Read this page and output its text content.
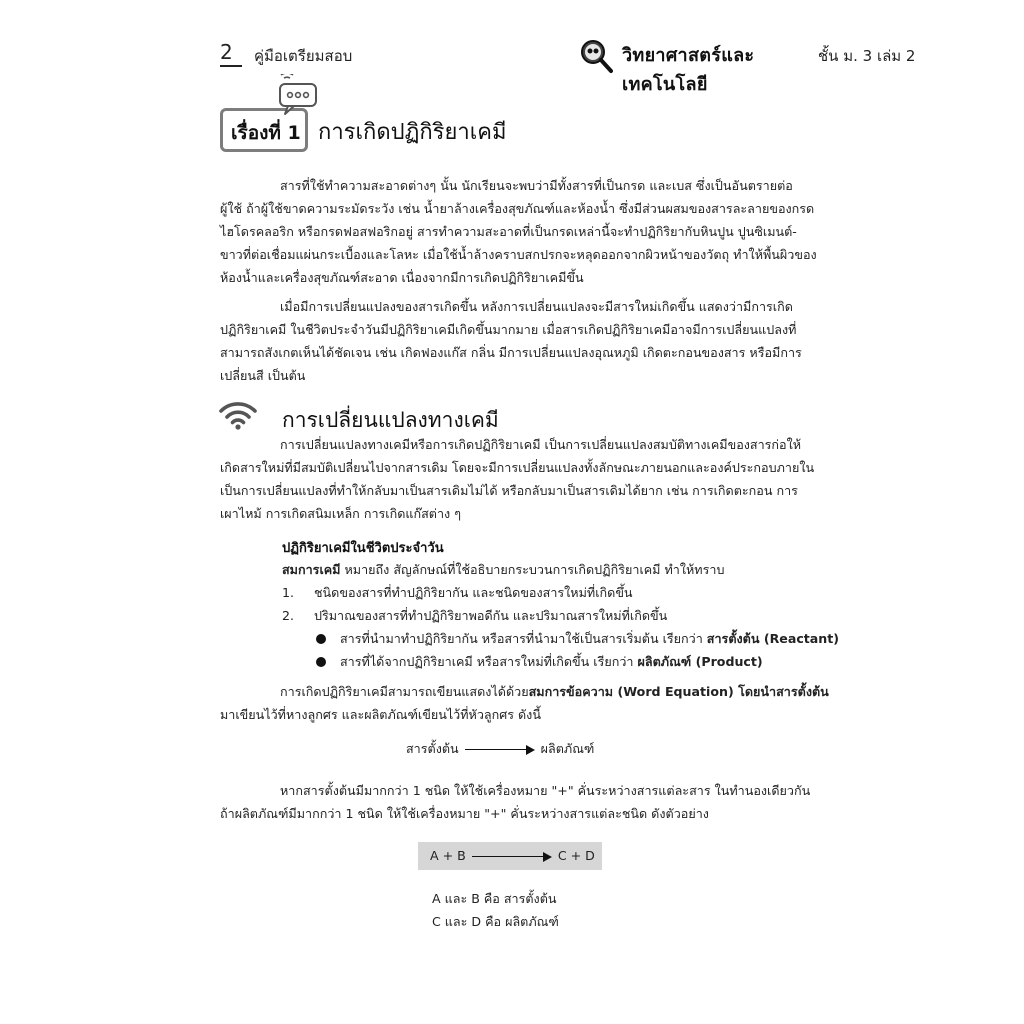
2 คู่มือเตรียมสอบ	วิทยาศาสตร์และเทคโนโลยี
ชั้น ม. 3 เล่ม 2
เรื่องที่ 1 การเกิดปฏิกิริยาเคมี
สารที่ใช้ทำความสะอาดต่างๆ นั้น นักเรียนจะพบว่ามีทั้งสารที่เป็นกรด และเบส ซึ่งเป็นอันตรายต่อ
ผู้ใช้ ถ้าผู้ใช้ขาดความระมัดระวัง เช่น น้ำยาล้างเครื่องสุขภัณฑ์และห้องน้ำ ซึ่งมีส่วนผสมของสารละลายของกรด
ไฮโดรคลอริก หรือกรดฟอสฟอริกอยู่ สารทำความสะอาดที่เป็นกรดเหล่านี้จะทำปฏิกิริยากับหินปูน ปูนซิเมนต์-
ขาวที่ต่อเชื่อมแผ่นกระเบื้องและโลหะ เมื่อใช้น้ำล้างคราบสกปรกจะหลุดออกจากผิวหน้าของวัตถุ ทำให้พื้นผิวของ
ห้องน้ำและเครื่องสุขภัณฑ์สะอาด เนื่องจากมีการเกิดปฏิกิริยาเคมีขึ้น
เมื่อมีการเปลี่ยนแปลงของสารเกิดขึ้น หลังการเปลี่ยนแปลงจะมีสารใหม่เกิดขึ้น แสดงว่ามีการเกิด
ปฏิกิริยาเคมี ในชีวิตประจำวันมีปฏิกิริยาเคมีเกิดขึ้นมากมาย เมื่อสารเกิดปฏิกิริยาเคมีอาจมีการเปลี่ยนแปลงที่
สามารถสังเกตเห็นได้ชัดเจน เช่น เกิดฟองแก๊ส กลิ่น มีการเปลี่ยนแปลงอุณหภูมิ เกิดตะกอนของสาร หรือมีการ
เปลี่ยนสี เป็นต้น
การเปลี่ยนแปลงทางเคมี
การเปลี่ยนแปลงทางเคมีหรือการเกิดปฏิกิริยาเคมี เป็นการเปลี่ยนแปลงสมบัติทางเคมีของสารก่อให้
เกิดสารใหม่ที่มีสมบัติเปลี่ยนไปจากสารเดิม โดยจะมีการเปลี่ยนแปลงทั้งลักษณะภายนอกและองค์ประกอบภายใน
เป็นการเปลี่ยนแปลงที่ทำให้กลับมาเป็นสารเดิมไม่ได้ หรือกลับมาเป็นสารเดิมได้ยาก เช่น การเกิดตะกอน การ
เผาไหม้ การเกิดสนิมเหล็ก การเกิดแก๊สต่าง ๆ
ปฏิกิริยาเคมีในชีวิตประจำวัน
สมการเคมี หมายถึง สัญลักษณ์ที่ใช้อธิบายกระบวนการเกิดปฏิกิริยาเคมี ทำให้ทราบ
1. ชนิดของสารที่ทำปฏิกิริยากัน และชนิดของสารใหม่ที่เกิดขึ้น
2. ปริมาณของสารที่ทำปฏิกิริยาพอดีกัน และปริมาณสารใหม่ที่เกิดขึ้น
สารที่นำมาทำปฏิกิริยากัน หรือสารที่นำมาใช้เป็นสารเริ่มต้น เรียกว่า สารตั้งต้น (Reactant)
สารที่ได้จากปฏิกิริยาเคมี หรือสารใหม่ที่เกิดขึ้น เรียกว่า ผลิตภัณฑ์ (Product)
การเกิดปฏิกิริยาเคมีสามารถเขียนแสดงได้ด้วยสมการข้อความ (Word Equation) โดยนำสารตั้งต้น
มาเขียนไว้ที่หางลูกศร และผลิตภัณฑ์เขียนไว้ที่หัวลูกศร ดังนี้
สารตั้งต้น	ผลิตภัณฑ์
หากสารตั้งต้นมีมากกว่า 1 ชนิด ให้ใช้เครื่องหมาย "+" คั่นระหว่างสารแต่ละสาร ในทำนองเดียวกัน
ถ้าผลิตภัณฑ์มีมากกว่า 1 ชนิด ให้ใช้เครื่องหมาย "+" คั่นระหว่างสารแต่ละชนิด ดังตัวอย่าง
A + B	C + D
A และ B คือ สารตั้งต้น
C และ D คือ ผลิตภัณฑ์
